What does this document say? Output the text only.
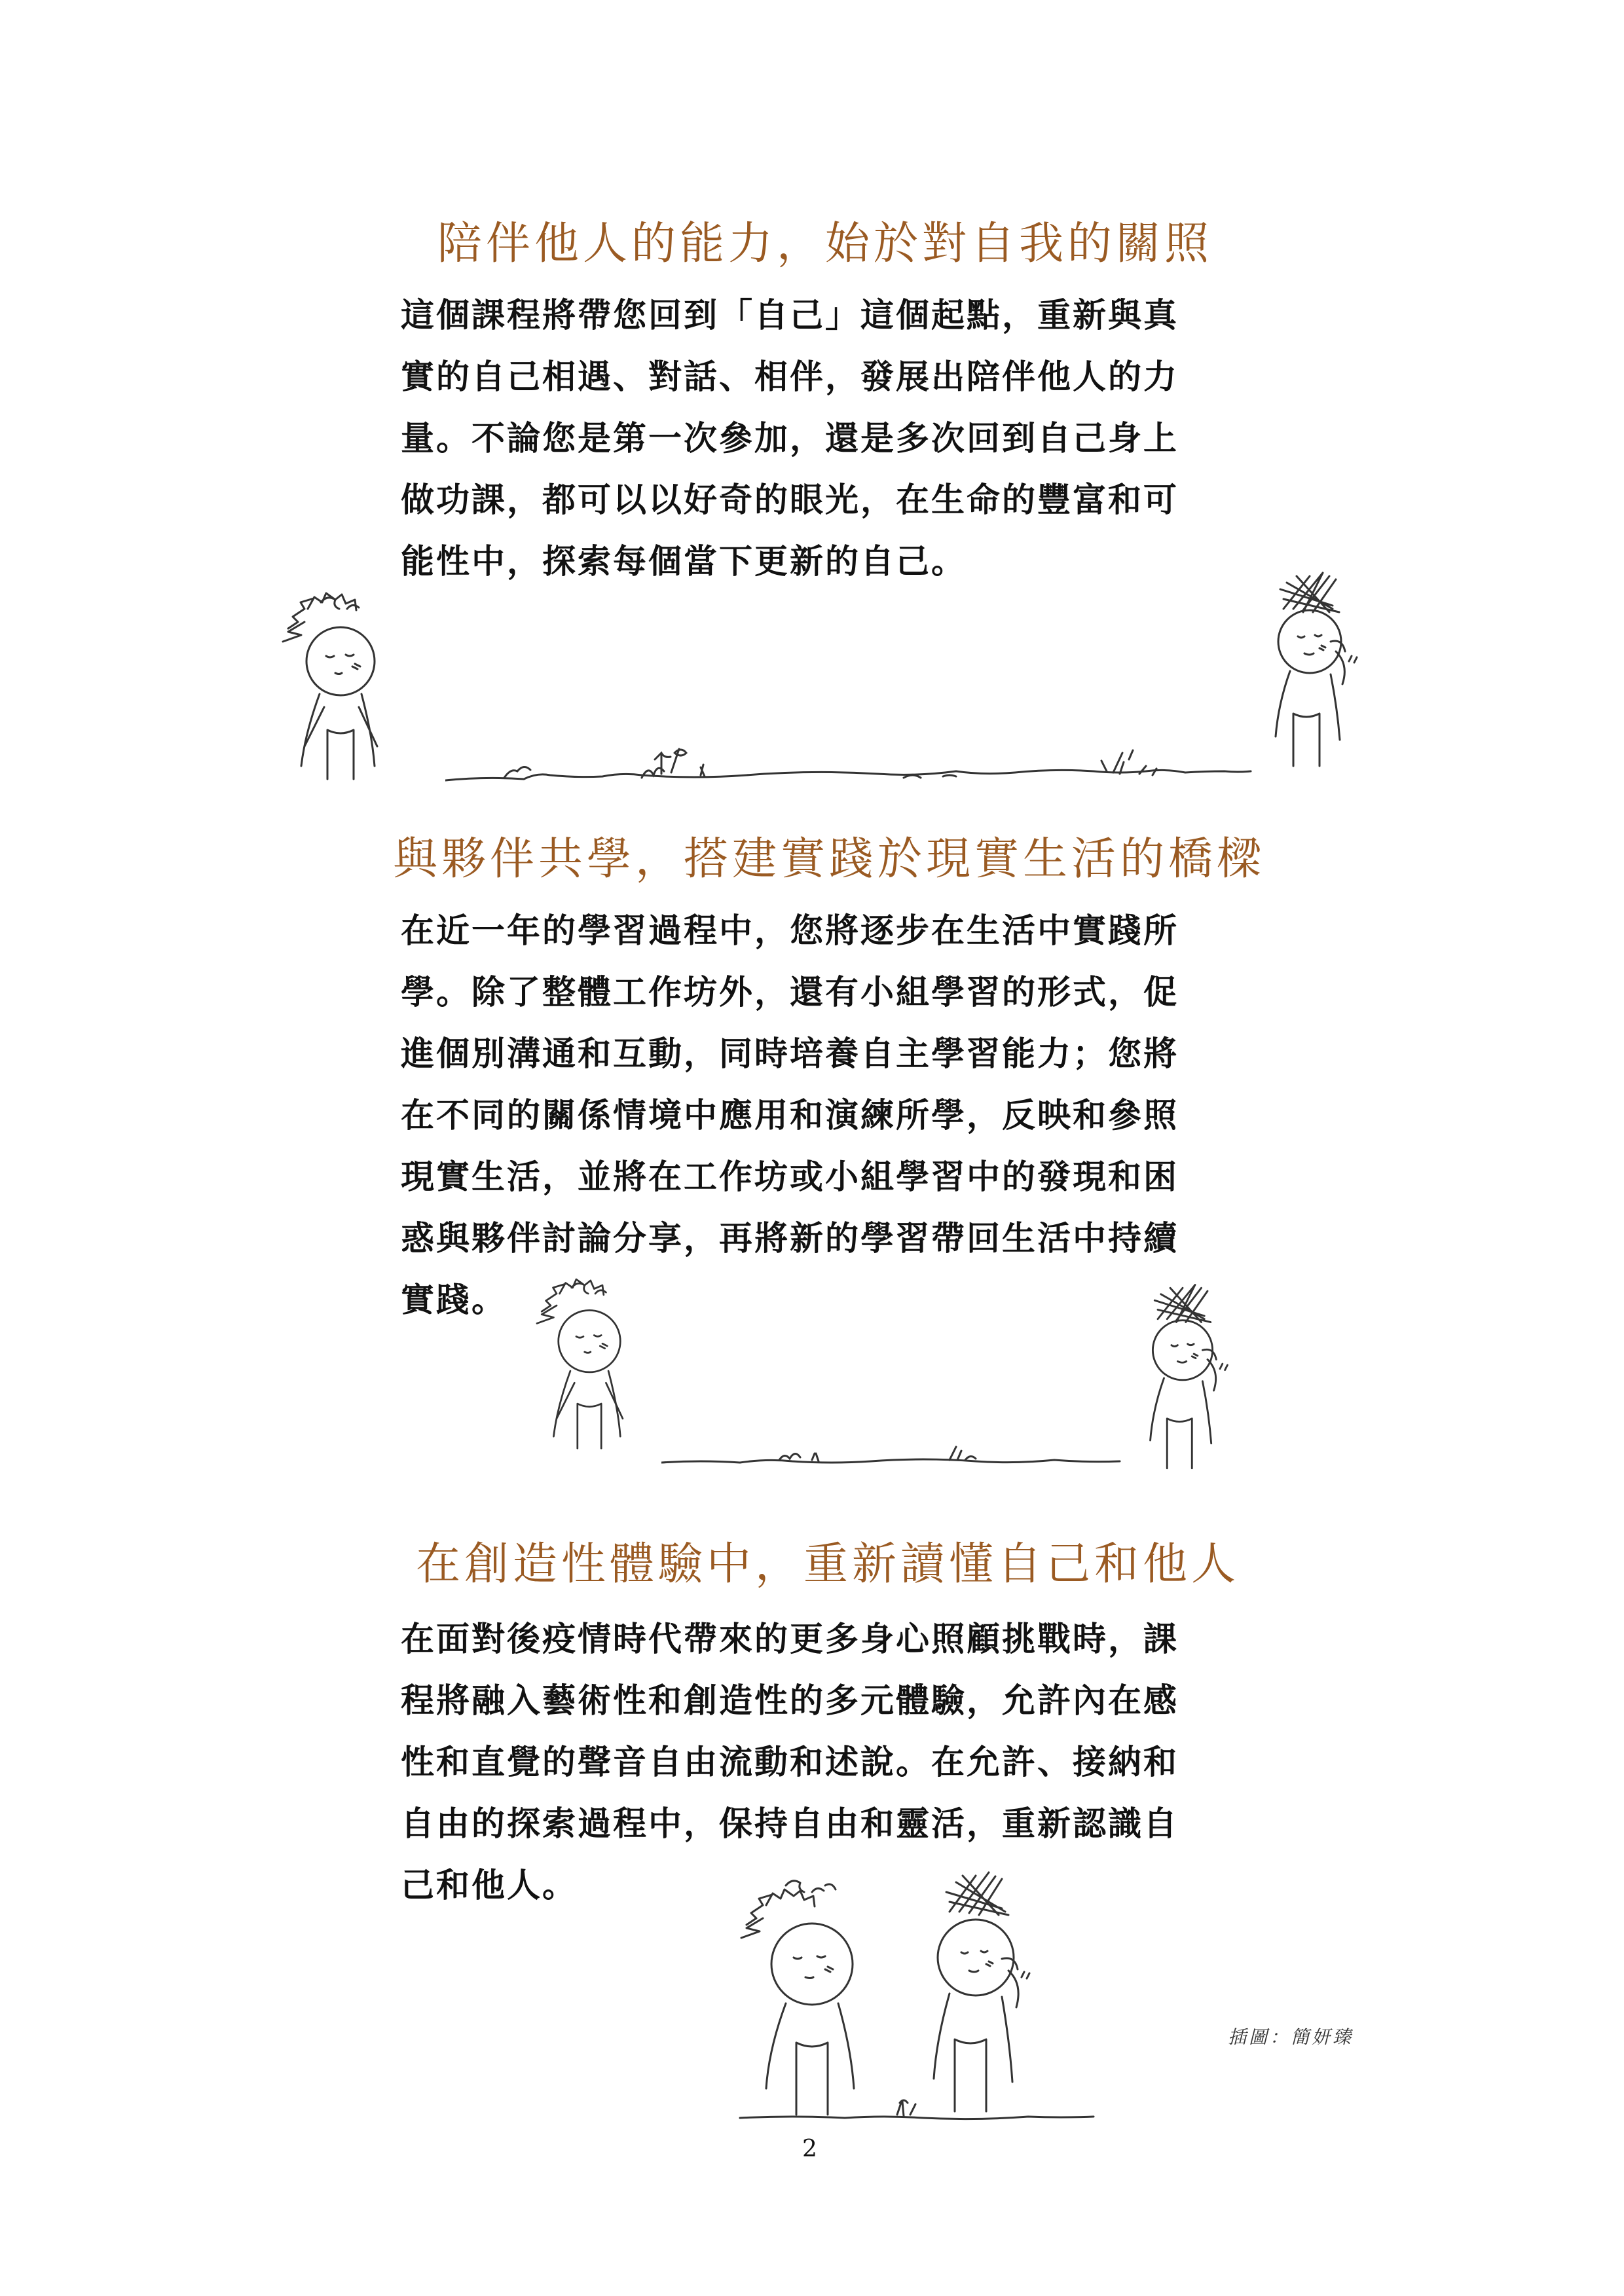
陪伴他人的能力，始於對自我的關照

這個課程將帶您回到「自己」這個起點，重新與真
實的自己相遇、對話、相伴，發展出陪伴他人的力
量。不論您是第一次參加，還是多次回到自己身上
做功課，都可以以好奇的眼光，在生命的豐富和可
能性中，探索每個當下更新的自己。

與夥伴共學，搭建實踐於現實生活的橋樑

在近一年的學習過程中，您將逐步在生活中實踐所
學。除了整體工作坊外，還有小組學習的形式，促
進個別溝通和互動，同時培養自主學習能力；您將
在不同的關係情境中應用和演練所學，反映和參照
現實生活，並將在工作坊或小組學習中的發現和困
惑與夥伴討論分享，再將新的學習帶回生活中持續
實踐。

在創造性體驗中，重新讀懂自己和他人

在面對後疫情時代帶來的更多身心照顧挑戰時，課
程將融入藝術性和創造性的多元體驗，允許內在感
性和直覺的聲音自由流動和述說。在允許、接納和
自由的探索過程中，保持自由和靈活，重新認識自
己和他人。

插圖：簡妍臻
2
